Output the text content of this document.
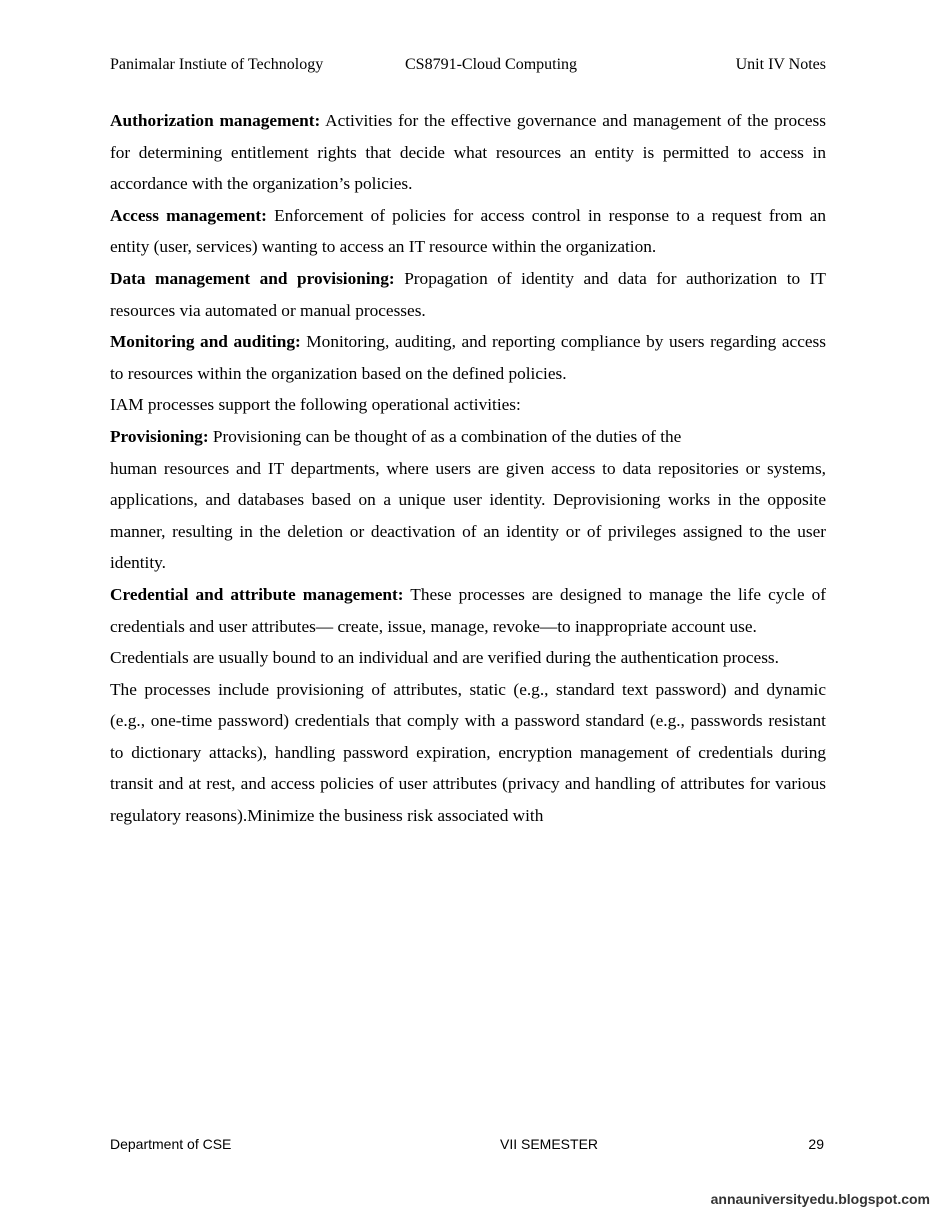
Panimalar Instiute of Technology	CS8791-Cloud Computing	Unit IV Notes

Authorization management: Activities for the effective governance and management of the process for determining entitlement rights that decide what resources an entity is permitted to access in accordance with the organization’s policies.

Access management: Enforcement of policies for access control in response to a request from an entity (user, services) wanting to access an IT resource within the organization.

Data management and provisioning: Propagation of identity and data for authorization to IT resources via automated or manual processes.

Monitoring and auditing: Monitoring, auditing, and reporting compliance by users regarding access to resources within the organization based on the defined policies.

IAM processes support the following operational activities:

Provisioning: Provisioning can be thought of as a combination of the duties of the

human resources and IT departments, where users are given access to data repositories or systems, applications, and databases based on a unique user identity. Deprovisioning works in the opposite manner, resulting in the deletion or deactivation of an identity or of privileges assigned to the user identity.

Credential and attribute management: These processes are designed to manage the life cycle of credentials and user attributes— create, issue, manage, revoke—to inappropriate account use.

Credentials are usually bound to an individual and are verified during the authentication process.

The processes include provisioning of attributes, static (e.g., standard text password) and dynamic (e.g., one-time password) credentials that comply with a password standard (e.g., passwords resistant to dictionary attacks), handling password expiration, encryption management of credentials during transit and at rest, and access policies of user attributes (privacy and handling of attributes for various regulatory reasons).Minimize the business risk associated with

Department of CSE	VII SEMESTER	29
annauniversityedu.blogspot.com
